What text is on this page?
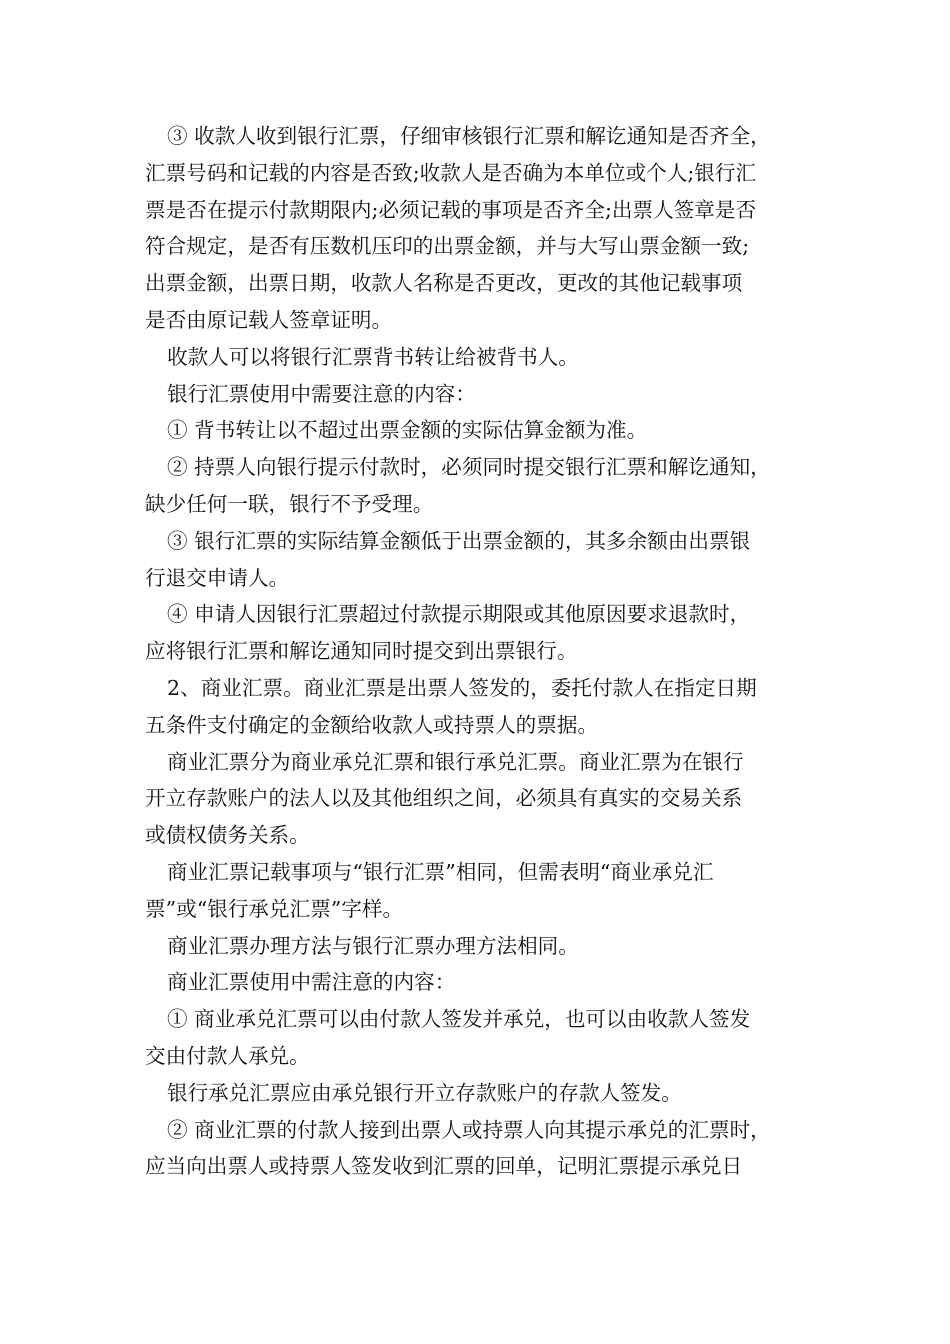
③ 收款人收到银行汇票，仔细审核银行汇票和解讫通知是否齐全，
汇票号码和记载的内容是否致;收款人是否确为本单位或个人;银行汇
票是否在提示付款期限内;必须记载的事项是否齐全;出票人签章是否
符合规定，是否有压数机压印的出票金额，并与大写山票金额一致;
出票金额，出票日期，收款人名称是否更改，更改的其他记载事项
是否由原记载人签章证明。
收款人可以将银行汇票背书转让给被背书人。
银行汇票使用中需要注意的内容：
① 背书转让以不超过出票金额的实际估算金额为准。
② 持票人向银行提示付款时，必须同时提交银行汇票和解讫通知，
缺少任何一联，银行不予受理。
③ 银行汇票的实际结算金额低于出票金额的，其多余额由出票银
行退交申请人。
④ 申请人因银行汇票超过付款提示期限或其他原因要求退款时，
应将银行汇票和解讫通知同时提交到出票银行。
2、商业汇票。商业汇票是出票人签发的，委托付款人在指定日期
五条件支付确定的金额给收款人或持票人的票据。
商业汇票分为商业承兑汇票和银行承兑汇票。商业汇票为在银行
开立存款账户的法人以及其他组织之间，必须具有真实的交易关系
或债权债务关系。
商业汇票记载事项与“银行汇票”相同，但需表明“商业承兑汇
票”或“银行承兑汇票”字样。
商业汇票办理方法与银行汇票办理方法相同。
商业汇票使用中需注意的内容：
① 商业承兑汇票可以由付款人签发并承兑，也可以由收款人签发
交由付款人承兑。
银行承兑汇票应由承兑银行开立存款账户的存款人签发。
② 商业汇票的付款人接到出票人或持票人向其提示承兑的汇票时，
应当向出票人或持票人签发收到汇票的回单，记明汇票提示承兑日
